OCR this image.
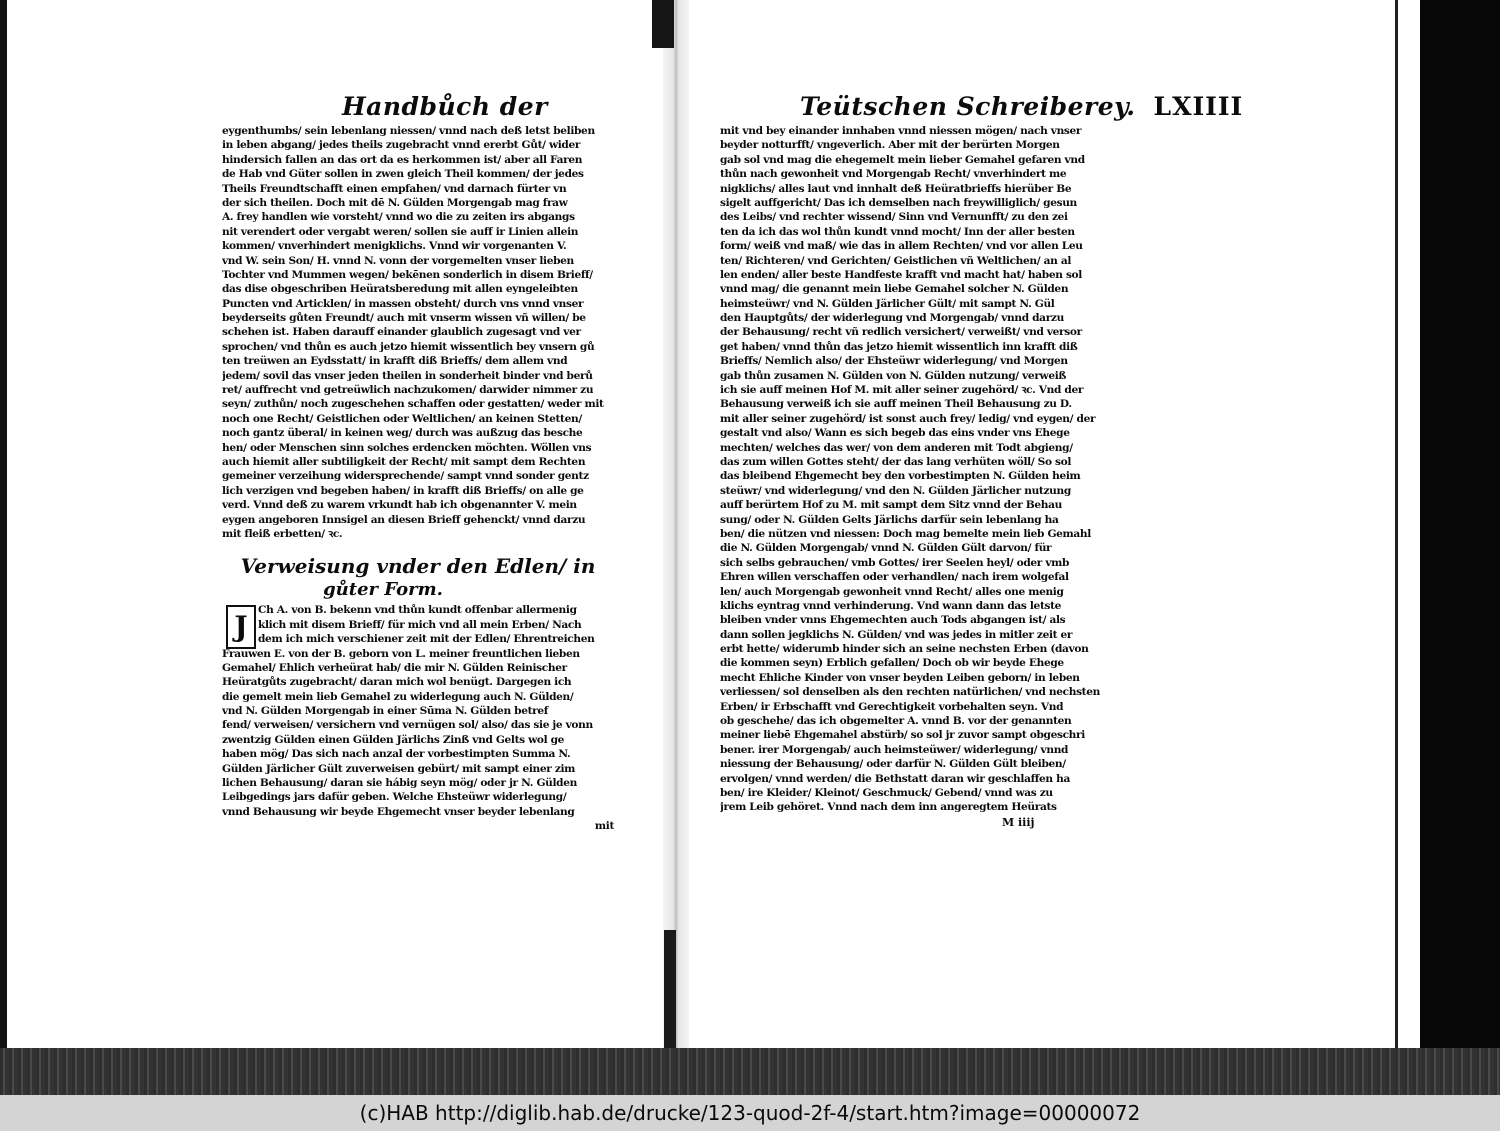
Handbůch der
eygenthumbs/ sein lebenlang niessen/ vnnd nach deß letst beliben
in leben abgang/ jedes theils zugebracht vnnd ererbt Gůt/ wider
hindersich fallen an das ort da es herkommen ist/ aber all Faren
de Hab vnd Güter sollen in zwen gleich Theil kommen/ der jedes
Theils Freundtschafft einen empfahen/ vnd darnach fürter vn
der sich theilen. Doch mit dē N. Gülden Morgengab mag fraw
A. frey handlen wie vorsteht/ vnnd wo die zu zeiten irs abgangs
nit verendert oder vergabt weren/ sollen sie auff ir Linien allein
kommen/ vnverhindert menigklichs. Vnnd wir vorgenanten V.
vnd W. sein Son/ H. vnnd N. vonn der vorgemelten vnser lieben
Tochter vnd Mummen wegen/ bekēnen sonderlich in disem Brieff/
das dise obgeschriben Heüratsberedung mit allen eyngeleibten
Puncten vnd Articklen/ in massen obsteht/ durch vns vnnd vnser
beyderseits gůten Freundt/ auch mit vnserm wissen vñ willen/ be
schehen ist. Haben darauff einander glaublich zugesagt vnd ver
sprochen/ vnd thůn es auch jetzo hiemit wissentlich bey vnsern gů
ten treüwen an Eydsstatt/ in krafft diß Brieffs/ dem allem vnd
jedem/ sovil das vnser jeden theilen in sonderheit binder vnd berů
ret/ auffrecht vnd getreüwlich nachzukomen/ darwider nimmer zu
seyn/ zuthůn/ noch zugeschehen schaffen oder gestatten/ weder mit
noch one Recht/ Geistlichen oder Weltlichen/ an keinen Stetten/
noch gantz überal/ in keinen weg/ durch was außzug das besche
hen/ oder Menschen sinn solches erdencken möchten. Wöllen vns
auch hiemit aller subtiligkeit der Recht/ mit sampt dem Rechten
gemeiner verzeihung widersprechende/ sampt vnnd sonder gentz
lich verzigen vnd begeben haben/ in krafft diß Brieffs/ on alle ge
verd. Vnnd deß zu warem vrkundt hab ich obgenannter V. mein
eygen angeboren Innsigel an diesen Brieff gehenckt/ vnnd darzu
mit fleiß erbetten/ ꝛc.
Verweisung vnder den Edlen/ in
gůter Form.
J Ch A. von B. bekenn vnd thůn kundt offenbar allermenig
klich mit disem Brieff/ für mich vnd all mein Erben/ Nach
dem ich mich verschiener zeit mit der Edlen/ Ehrentreichen
Frauwen E. von der B. geborn von L. meiner freuntlichen lieben
Gemahel/ Ehlich verheürat hab/ die mir N. Gülden Reinischer
Heüratgůts zugebracht/ daran mich wol benügt. Dargegen ich
die gemelt mein lieb Gemahel zu widerlegung auch N. Gülden/
vnd N. Gülden Morgengab in einer Sūma N. Gülden betref
fend/ verweisen/ versichern vnd vernügen sol/ also/ das sie je vonn
zwentzig Gülden einen Gülden Järlichs Zinß vnd Gelts wol ge
haben mög/ Das sich nach anzal der vorbestimpten Summa N.
Gülden Järlicher Gült zuverweisen gebürt/ mit sampt einer zim
lichen Behausung/ daran sie hábig seyn mög/ oder jr N. Gülden
Leibgedings jars dafür geben. Welche Ehsteüwr widerlegung/
vnnd Behausung wir beyde Ehgemecht vnser beyder lebenlang
mit
Teütschen Schreiberey. LXIIII
mit vnd bey einander innhaben vnnd niessen mögen/ nach vnser
beyder notturfft/ vngeverlich. Aber mit der berürten Morgen
gab sol vnd mag die ehegemelt mein lieber Gemahel gefaren vnd
thůn nach gewonheit vnd Morgengab Recht/ vnverhindert me
nigklichs/ alles laut vnd innhalt deß Heüratbrieffs hierüber Be
sigelt auffgericht/ Das ich demselben nach freywilliglich/ gesun
des Leibs/ vnd rechter wissend/ Sinn vnd Vernunfft/ zu den zei
ten da ich das wol thůn kundt vnnd mocht/ Inn der aller besten
form/ weiß vnd maß/ wie das in allem Rechten/ vnd vor allen Leu
ten/ Richteren/ vnd Gerichten/ Geistlichen vñ Weltlichen/ an al
len enden/ aller beste Handfeste krafft vnd macht hat/ haben sol
vnnd mag/ die genannt mein liebe Gemahel solcher N. Gülden
heimsteüwr/ vnd N. Gülden Järlicher Gült/ mit sampt N. Gül
den Hauptgůts/ der widerlegung vnd Morgengab/ vnnd darzu
der Behausung/ recht vñ redlich versichert/ verweißt/ vnd versor
get haben/ vnnd thůn das jetzo hiemit wissentlich inn krafft diß
Brieffs/ Nemlich also/ der Ehsteüwr widerlegung/ vnd Morgen
gab thůn zusamen N. Gülden von N. Gülden nutzung/ verweiß
ich sie auff meinen Hof M. mit aller seiner zugehörd/ ꝛc. Vnd der
Behausung verweiß ich sie auff meinen Theil Behausung zu D.
mit aller seiner zugehörd/ ist sonst auch frey/ ledig/ vnd eygen/ der
gestalt vnd also/ Wann es sich begeb das eins vnder vns Ehege
mechten/ welches das wer/ von dem anderen mit Todt abgieng/
das zum willen Gottes steht/ der das lang verhüten wöll/ So sol
das bleibend Ehgemecht bey den vorbestimpten N. Gülden heim
steüwr/ vnd widerlegung/ vnd den N. Gülden Järlicher nutzung
auff berürtem Hof zu M. mit sampt dem Sitz vnnd der Behau
sung/ oder N. Gülden Gelts Järlichs darfür sein lebenlang ha
ben/ die nützen vnd niessen: Doch mag bemelte mein lieb Gemahl
die N. Gülden Morgengab/ vnnd N. Gülden Gült darvon/ für
sich selbs gebrauchen/ vmb Gottes/ irer Seelen heyl/ oder vmb
Ehren willen verschaffen oder verhandlen/ nach irem wolgefal
len/ auch Morgengab gewonheit vnnd Recht/ alles one menig
klichs eyntrag vnnd verhinderung. Vnd wann dann das letste
bleiben vnder vnns Ehgemechten auch Tods abgangen ist/ als
dann sollen jegklichs N. Gülden/ vnd was jedes in mitler zeit er
erbt hette/ widerumb hinder sich an seine nechsten Erben (davon
die kommen seyn) Erblich gefallen/ Doch ob wir beyde Ehege
mecht Ehliche Kinder von vnser beyden Leiben geborn/ in leben
verliessen/ sol denselben als den rechten natürlichen/ vnd nechsten
Erben/ ir Erbschafft vnd Gerechtigkeit vorbehalten seyn. Vnd
ob geschehe/ das ich obgemelter A. vnnd B. vor der genannten
meiner liebē Ehgemahel abstürb/ so sol jr zuvor sampt obgeschri
bener. irer Morgengab/ auch heimsteüwer/ widerlegung/ vnnd
niessung der Behausung/ oder darfür N. Gülden Gült bleiben/
ervolgen/ vnnd werden/ die Bethstatt daran wir geschlaffen ha
ben/ ire Kleider/ Kleinot/ Geschmuck/ Gebend/ vnnd was zu
jrem Leib gehöret. Vnnd nach dem inn angeregtem Heürats
M iiij
(c)HAB http://diglib.hab.de/drucke/123-quod-2f-4/start.htm?image=00000072
